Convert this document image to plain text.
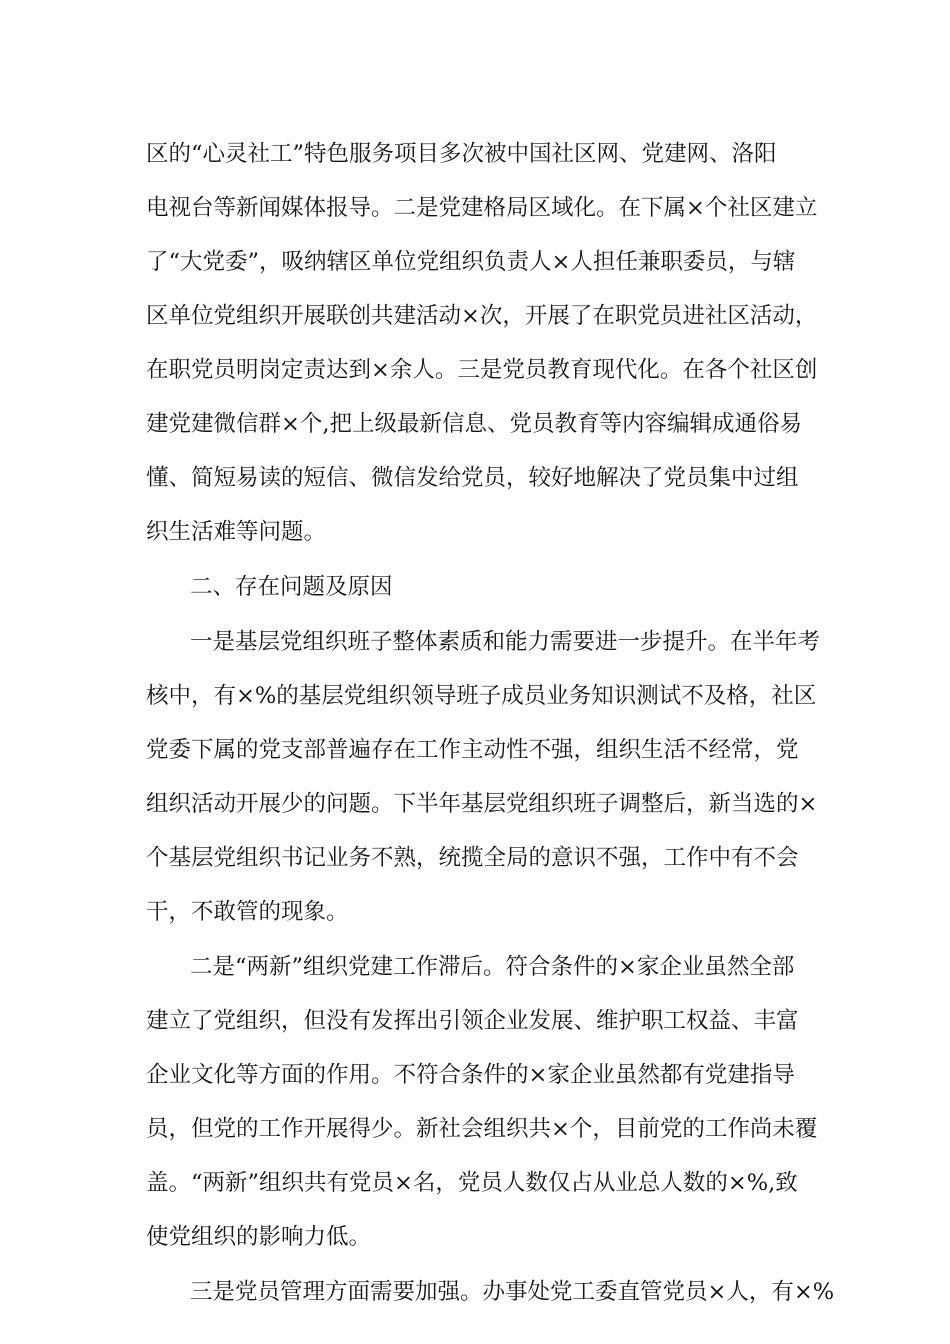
区的“心灵社工”特色服务项目多次被中国社区网、党建网、洛阳
电视台等新闻媒体报导。二是党建格局区域化。在下属×个社区建立
了“大党委”，吸纳辖区单位党组织负责人×人担任兼职委员，与辖
区单位党组织开展联创共建活动×次，开展了在职党员进社区活动，
在职党员明岗定责达到×余人。三是党员教育现代化。在各个社区创
建党建微信群×个,把上级最新信息、党员教育等内容编辑成通俗易
懂、简短易读的短信、微信发给党员，较好地解决了党员集中过组
织生活难等问题。
二、存在问题及原因
一是基层党组织班子整体素质和能力需要进一步提升。在半年考
核中，有×%的基层党组织领导班子成员业务知识测试不及格，社区
党委下属的党支部普遍存在工作主动性不强，组织生活不经常，党
组织活动开展少的问题。下半年基层党组织班子调整后，新当选的×
个基层党组织书记业务不熟，统揽全局的意识不强，工作中有不会
干，不敢管的现象。
二是“两新”组织党建工作滞后。符合条件的×家企业虽然全部
建立了党组织，但没有发挥出引领企业发展、维护职工权益、丰富
企业文化等方面的作用。不符合条件的×家企业虽然都有党建指导
员，但党的工作开展得少。新社会组织共×个，目前党的工作尚未覆
盖。“两新”组织共有党员×名，党员人数仅占从业总人数的×%,致
使党组织的影响力低。
三是党员管理方面需要加强。办事处党工委直管党员×人，有×%
